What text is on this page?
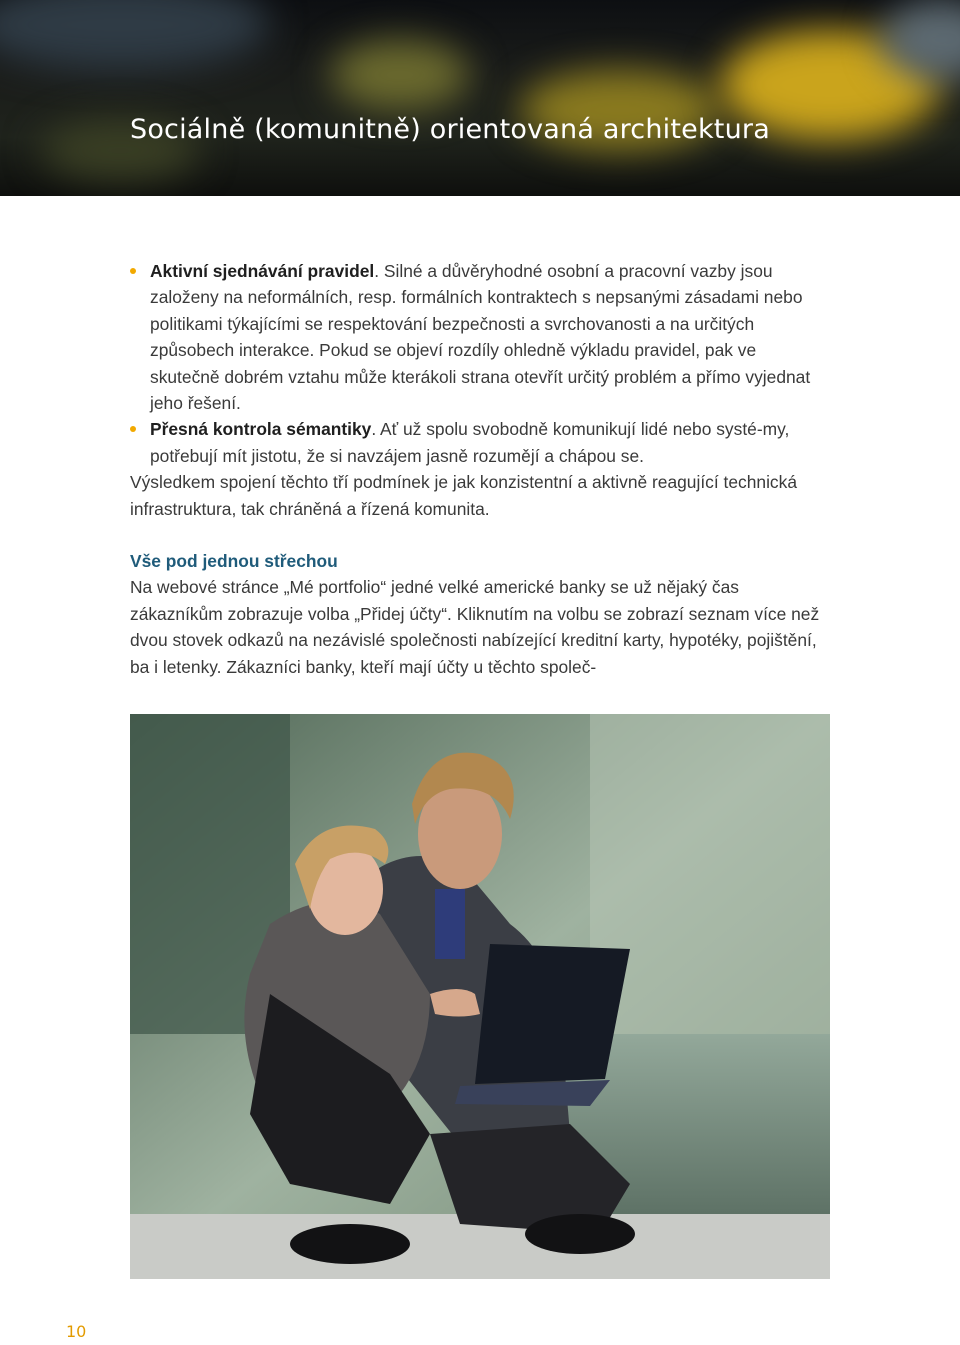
Sociálně (komunitně) orientovaná architektura
Aktivní sjednávání pravidel. Silné a důvěryhodné osobní a pracovní vazby jsou založeny na neformálních, resp. formálních kontraktech s nepsanými zásadami nebo politikami týkajícími se respektování bezpečnosti a svrchovanosti a na určitých způsobech interakce. Pokud se objeví rozdíly ohledně výkladu pravidel, pak ve skutečně dobrém vztahu může kterákoli strana otevřít určitý problém a přímo vyjednat jeho řešení.
Přesná kontrola sémantiky. Ať už spolu svobodně komunikují lidé nebo systé-my, potřebují mít jistotu, že si navzájem jasně rozumějí a chápou se.

Výsledkem spojení těchto tří podmínek je jak konzistentní a aktivně reagující technická infrastruktura, tak chráněná a řízená komunita.

Vše pod jednou střechou

Na webové stránce „Mé portfolio“ jedné velké americké banky se už nějaký čas zákazníkům zobrazuje volba „Přidej účty“. Kliknutím na volbu se zobrazí seznam více než dvou stovek odkazů na nezávislé společnosti nabízející kreditní karty, hypotéky, pojištění, ba i letenky. Zákazníci banky, kteří mají účty u těchto společ-

10
